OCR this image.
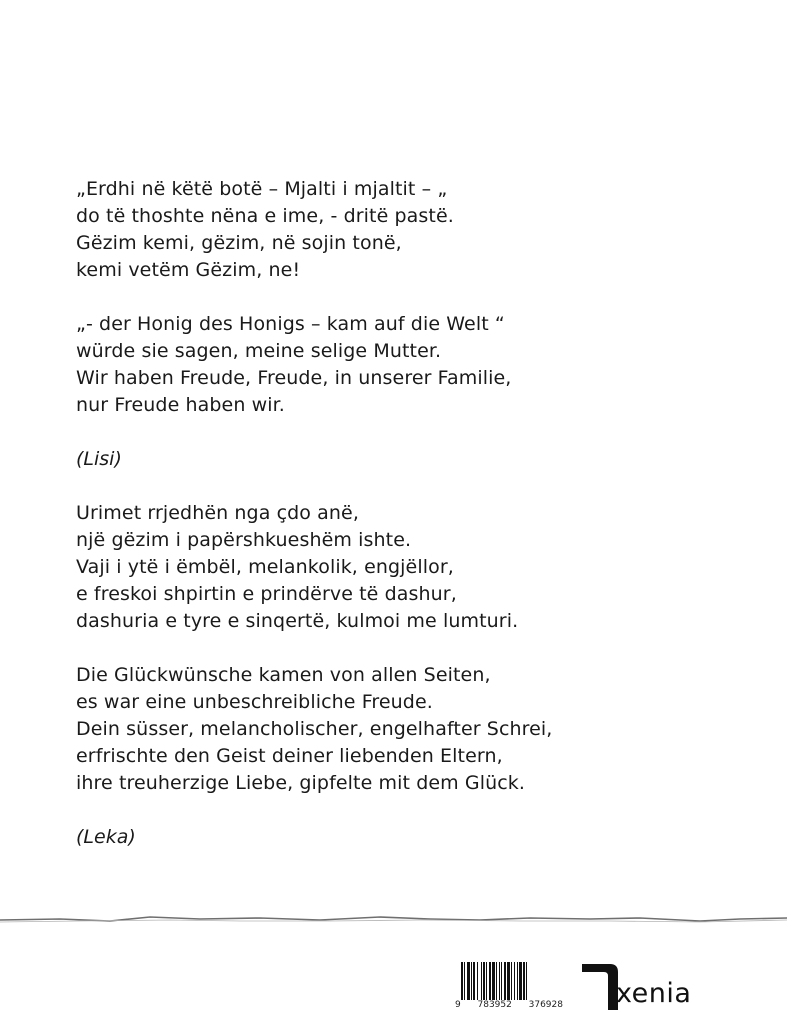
„Erdhi në këtë botë – Mjalti i mjaltit – „
do të thoshte nëna e ime, - dritë pastë.
Gëzim kemi, gëzim, në sojin tonë,
kemi vetëm Gëzim, ne!
„- der Honig des Honigs – kam auf die Welt “
würde sie sagen, meine selige Mutter.
Wir haben Freude, Freude, in unserer Familie,
nur Freude haben wir.
(Lisi)
Urimet rrjedhën nga çdo anë,
një gëzim i papërshkueshëm ishte.
Vaji i ytë i ëmbël, melankolik, engjëllor,
e freskoi shpirtin e prindërve të dashur,
dashuria e tyre e sinqertë, kulmoi me lumturi.
Die Glückwünsche kamen von allen Seiten,
es war eine unbeschreibliche Freude.
Dein süsser, melancholischer, engelhafter Schrei,
erfrischte den Geist deiner liebenden Eltern,
ihre treuherzige Liebe, gipfelte mit dem Glück.
(Leka)
9 783952 376928 xenia
